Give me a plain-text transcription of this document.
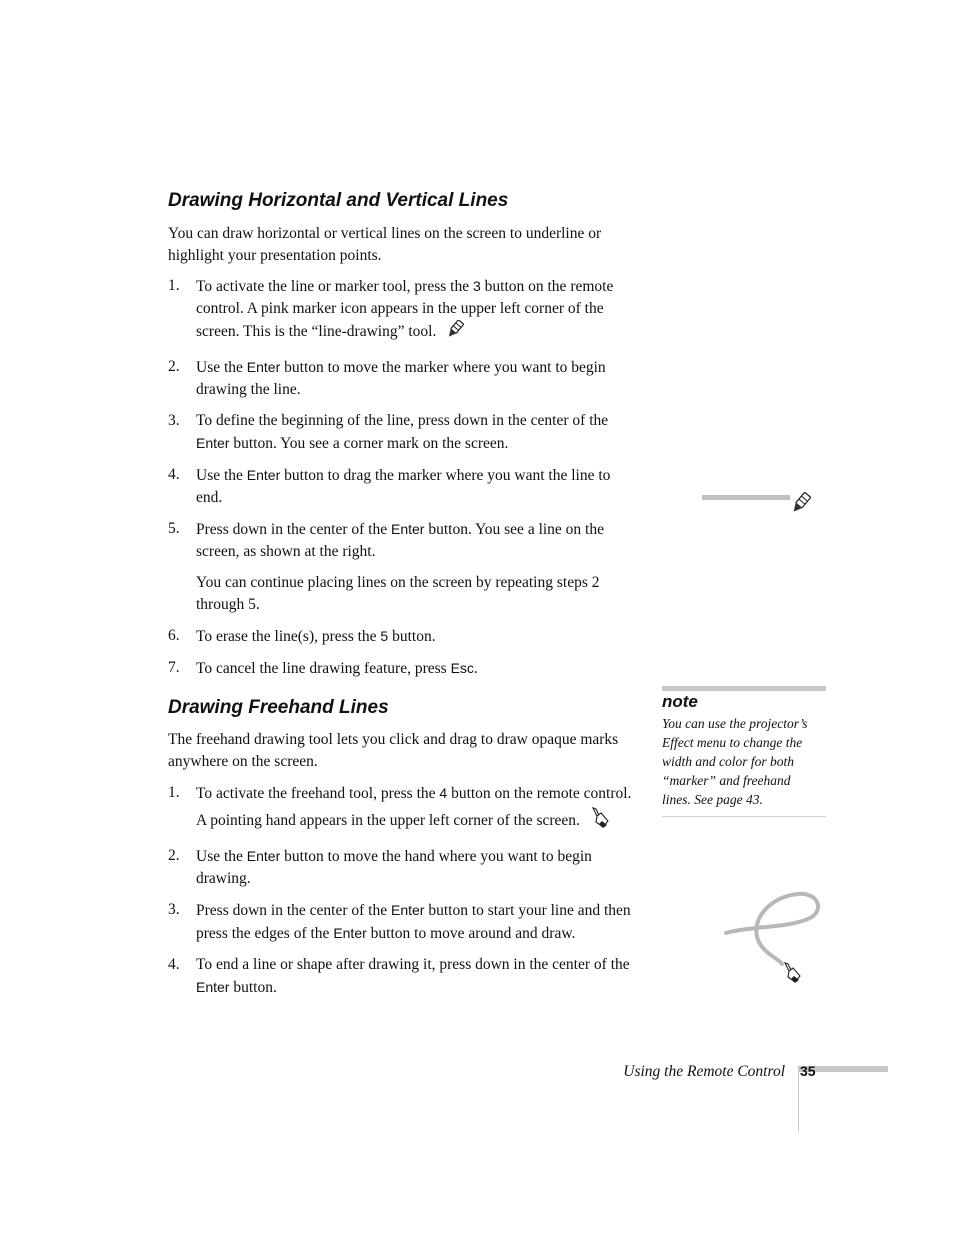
Drawing Horizontal and Vertical Lines

You can draw horizontal or vertical lines on the screen to underline or highlight your presentation points.

1. To activate the line or marker tool, press the 3 button on the remote control. A pink marker icon appears in the upper left corner of the screen. This is the “line-drawing” tool.
2. Use the Enter button to move the marker where you want to begin drawing the line.
3. To define the beginning of the line, press down in the center of the Enter button. You see a corner mark on the screen.
4. Use the Enter button to drag the marker where you want the line to end.
5. Press down in the center of the Enter button. You see a line on the screen, as shown at the right.
You can continue placing lines on the screen by repeating steps 2 through 5.
6. To erase the line(s), press the 5 button.
7. To cancel the line drawing feature, press Esc.
Drawing Freehand Lines

The freehand drawing tool lets you click and drag to draw opaque marks anywhere on the screen.

1. To activate the freehand tool, press the 4 button on the remote control. A pointing hand appears in the upper left corner of the screen.
2. Use the Enter button to move the hand where you want to begin drawing.
3. Press down in the center of the Enter button to start your line and then press the edges of the Enter button to move around and draw.
4. To end a line or shape after drawing it, press down in the center of the Enter button.

note

You can use the projector’s Effect menu to change the width and color for both “marker” and freehand lines. See page 43.

Using the Remote Control 35
